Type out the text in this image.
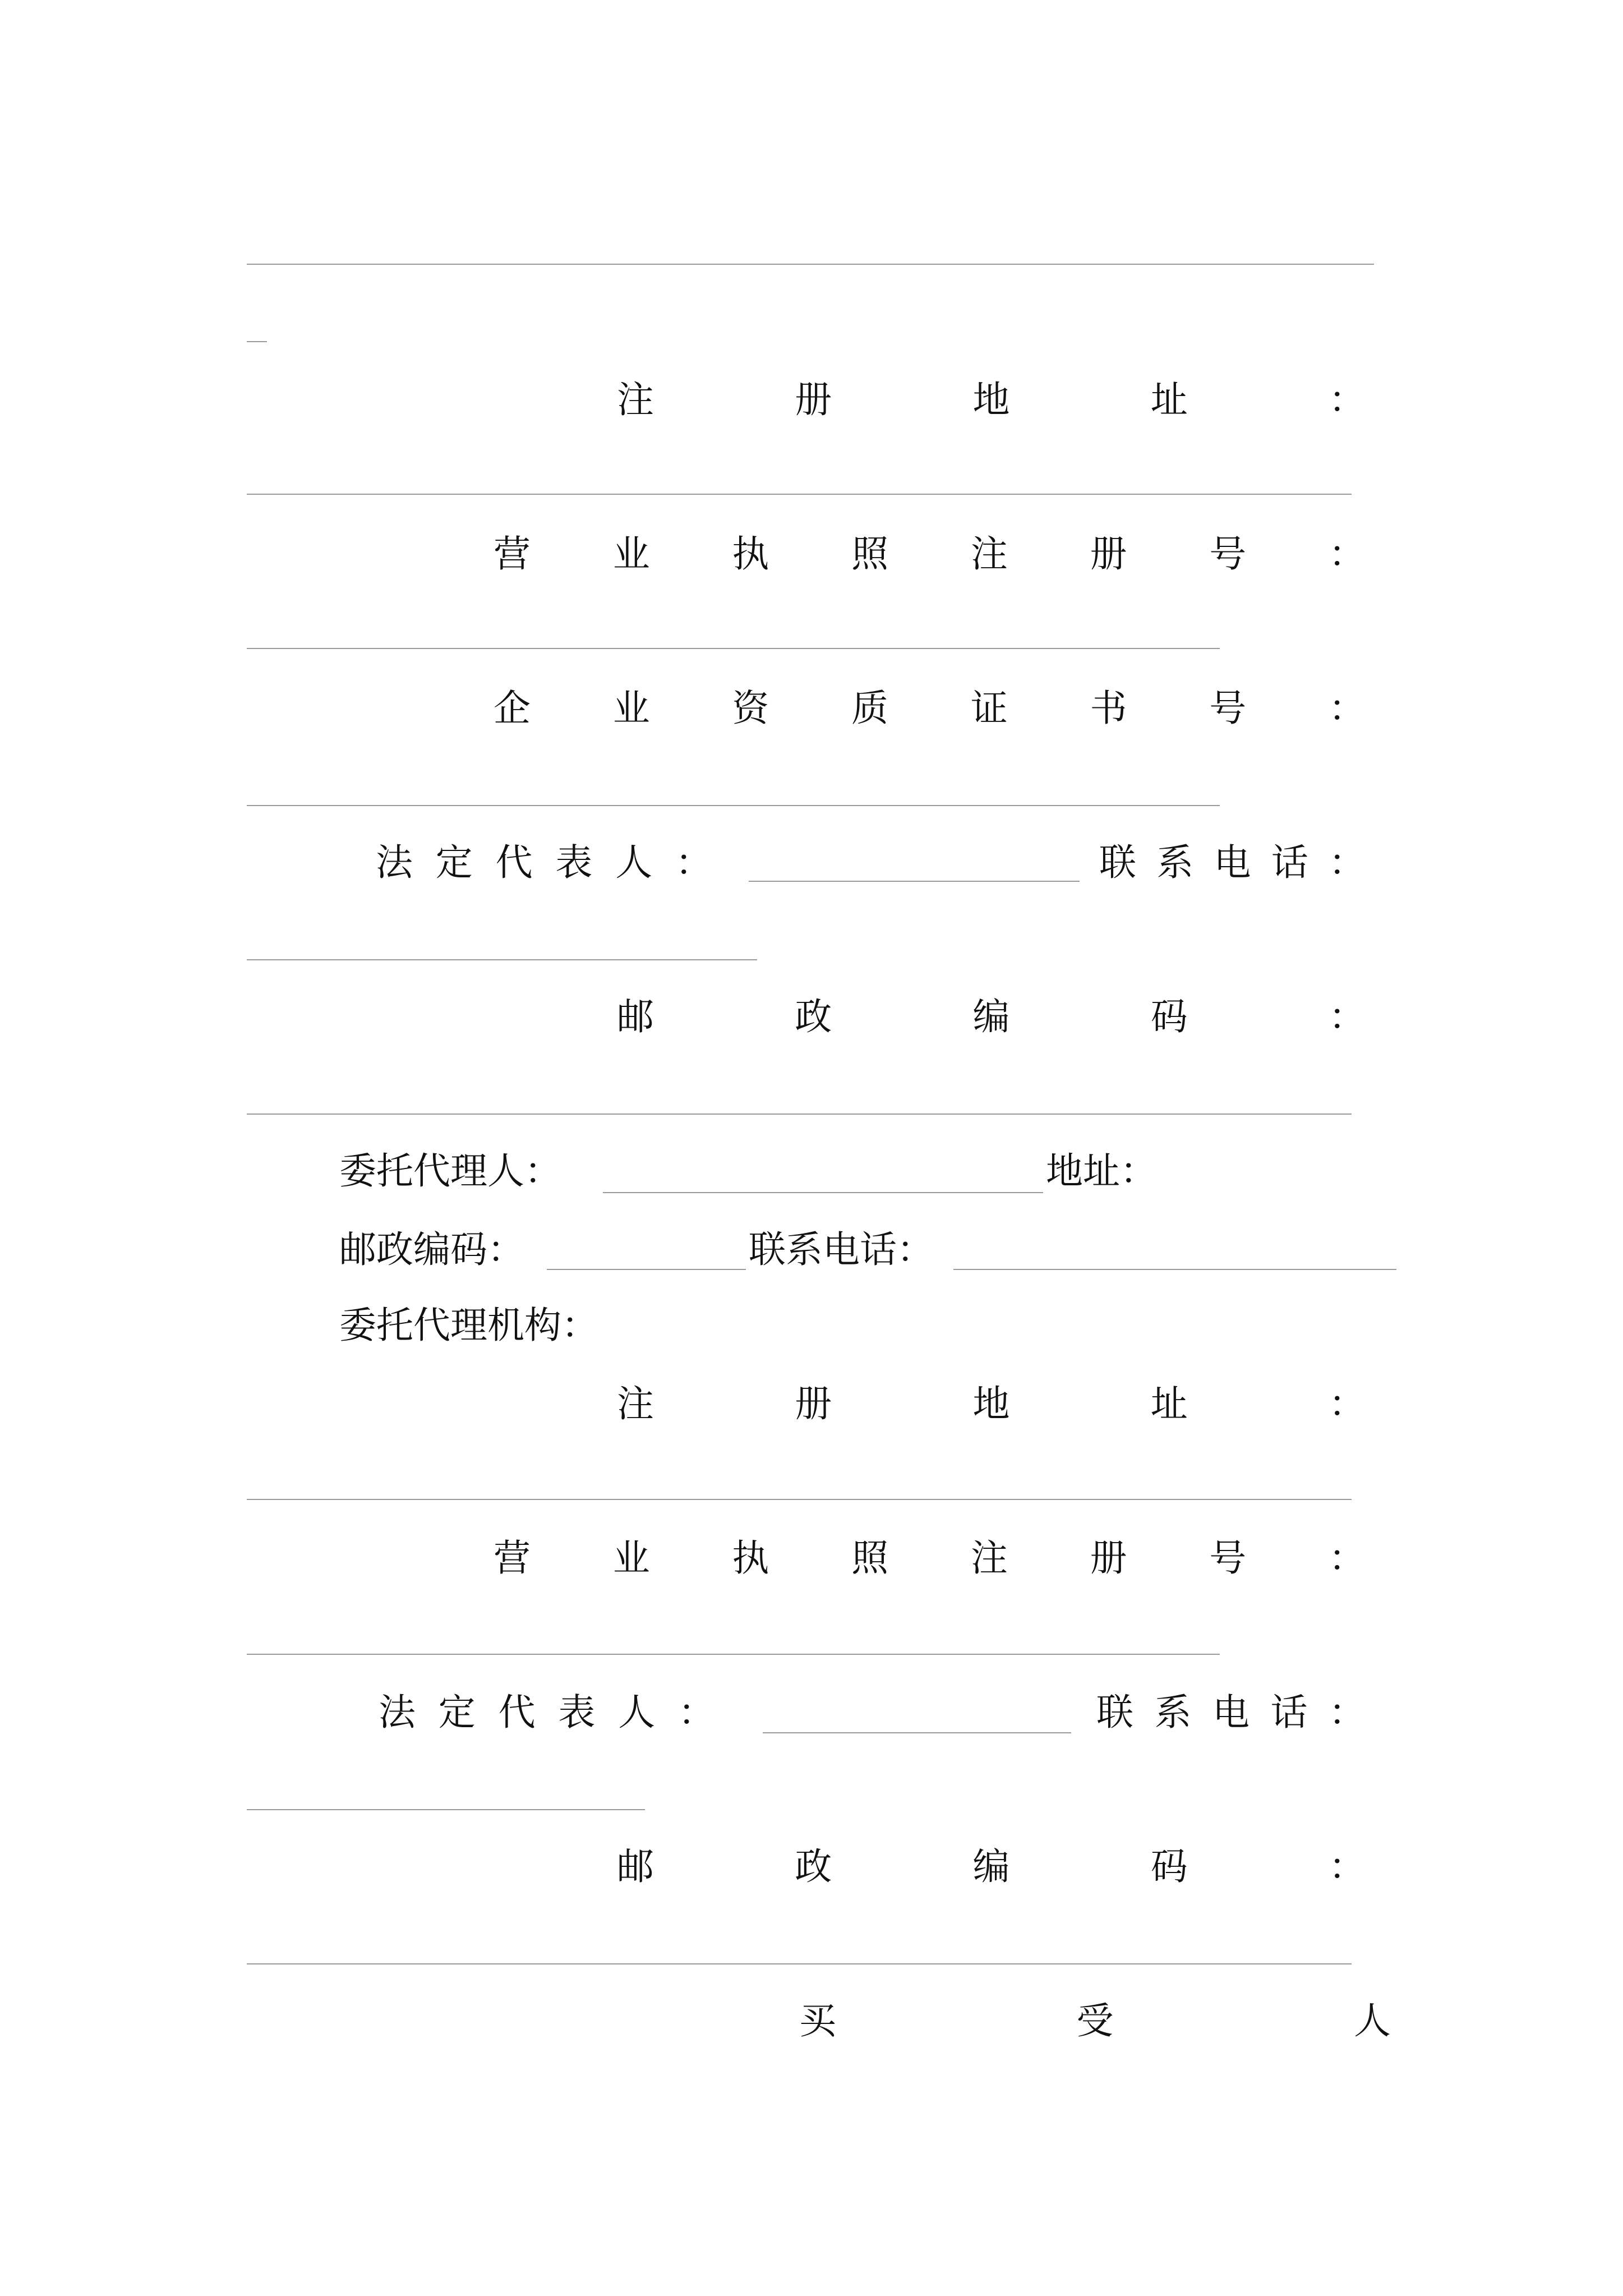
注	册	地	址	：
营 业 执 照 注 册 号 ：
企 业 资 质 证 书 号 ：
法 定 代 表 人 ：	联 系 电 话 ：
邮	政	编	码	：
委托代理人：	地址：
邮政编码：	联系电话：
委托代理机构：
注	册	地	址	：
营 业 执 照 注 册 号 ：
法 定 代 表 人 ：	联 系 电 话 ：
邮	政	编	码	：
买	受	人
